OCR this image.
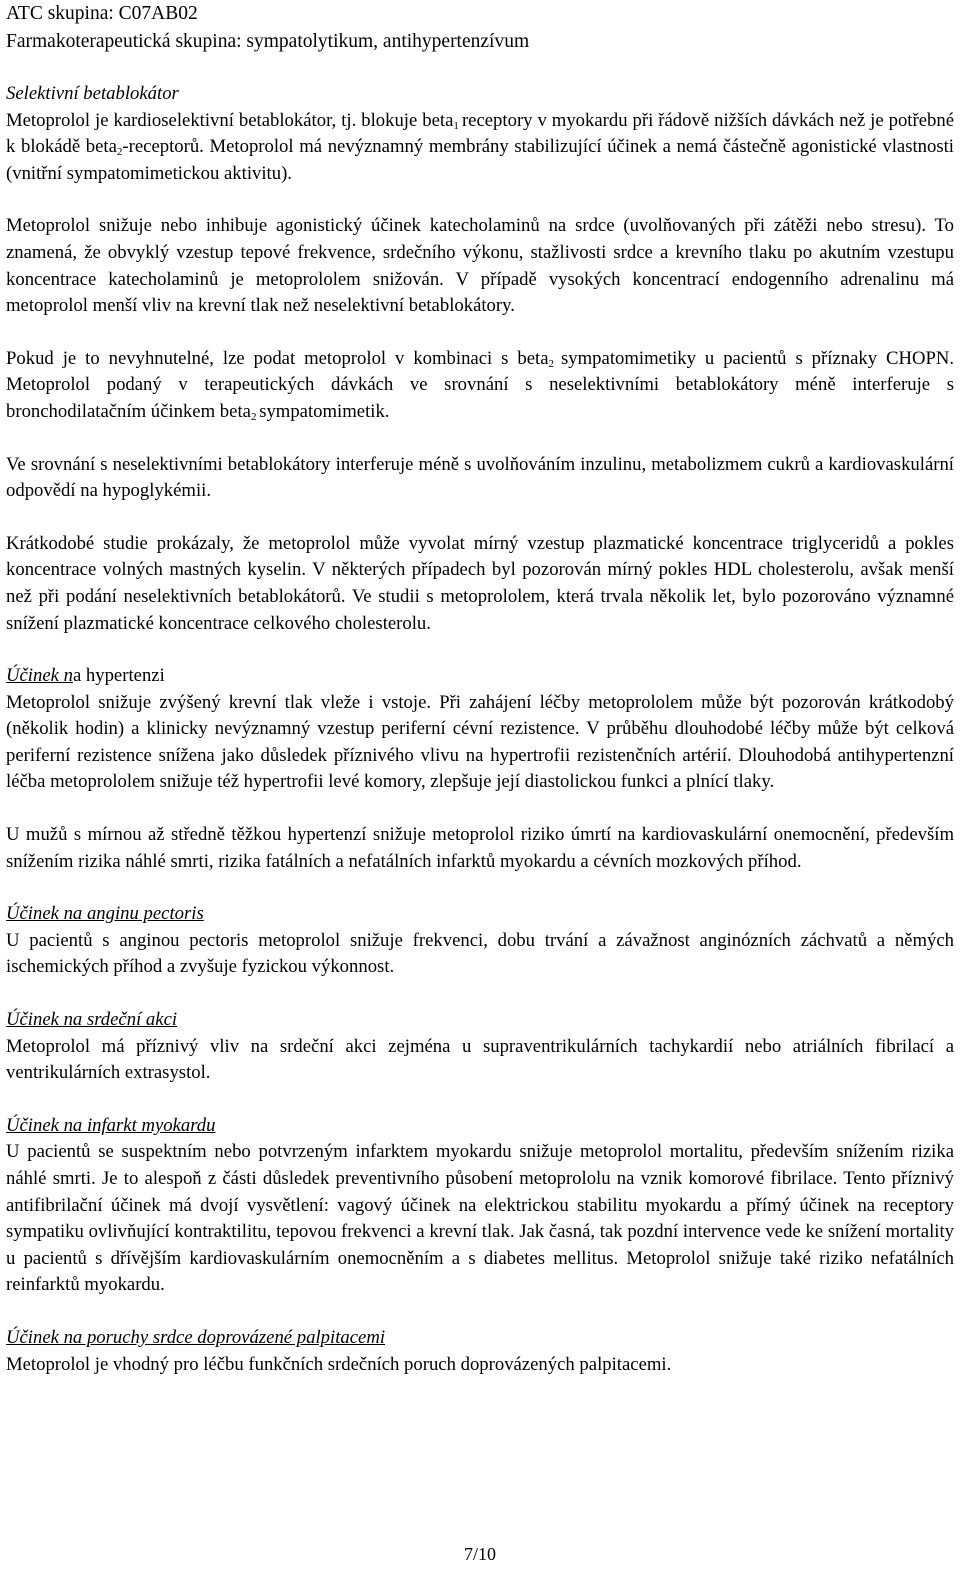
ATC skupina: C07AB02
Farmakoterapeutická skupina: sympatolytikum, antihypertenzívum
Selektivní betablokátor

Metoprolol je kardioselektivní betablokátor, tj. blokuje beta$_1$ receptory v myokardu při řádově nižších dávkách než je potřebné k blokádě beta$_2$-receptorů. Metoprolol má nevýznamný membrány stabilizující účinek a nemá částečně agonistické vlastnosti (vnitřní sympatomimetickou aktivitu).

Metoprolol snižuje nebo inhibuje agonistický účinek katecholaminů na srdce (uvolňovaných při zátěži nebo stresu). To znamená, že obvyklý vzestup tepové frekvence, srdečního výkonu, stažlivosti srdce a krevního tlaku po akutním vzestupu koncentrace katecholaminů je metoprololem snižován. V případě vysokých koncentrací endogenního adrenalinu má metoprolol menší vliv na krevní tlak než neselektivní betablokátory.

Pokud je to nevyhnutelné, lze podat metoprolol v kombinaci s beta$_2$ sympatomimetiky u pacientů s příznaky CHOPN. Metoprolol podaný v terapeutických dávkách ve srovnání s neselektivními betablokátory méně interferuje s bronchodilatačním účinkem beta$_2$ sympatomimetik.

Ve srovnání s neselektivními betablokátory interferuje méně s uvolňováním inzulinu, metabolizmem cukrů a kardiovaskulární odpovědí na hypoglykémii.

Krátkodobé studie prokázaly, že metoprolol může vyvolat mírný vzestup plazmatické koncentrace triglyceridů a pokles koncentrace volných mastných kyselin. V některých případech byl pozorován mírný pokles HDL cholesterolu, avšak menší než při podání neselektivních betablokátorů. Ve studii s metoprololem, která trvala několik let, bylo pozorováno významné snížení plazmatické koncentrace celkového cholesterolu.

Účinek na hypertenzi

Metoprolol snižuje zvýšený krevní tlak vleže i vstoje. Při zahájení léčby metoprololem může být pozorován krátkodobý (několik hodin) a klinicky nevýznamný vzestup periferní cévní rezistence. V průběhu dlouhodobé léčby může být celková periferní rezistence snížena jako důsledek příznivého vlivu na hypertrofii rezistenčních artérií. Dlouhodobá antihypertenzní léčba metoprololem snižuje též hypertrofii levé komory, zlepšuje její diastolickou funkci a plnící tlaky.

U mužů s mírnou až středně těžkou hypertenzí snižuje metoprolol riziko úmrtí na kardiovaskulární onemocnění, především snížením rizika náhlé smrti, rizika fatálních a nefatálních infarktů myokardu a cévních mozkových příhod.

Účinek na anginu pectoris

U pacientů s anginou pectoris metoprolol snižuje frekvenci, dobu trvání a závažnost anginózních záchvatů a němých ischemických příhod a zvyšuje fyzickou výkonnost.

Účinek na srdeční akci

Metoprolol má příznivý vliv na srdeční akci zejména u supraventrikulárních tachykardií nebo atriálních fibrilací a ventrikulárních extrasystol.

Účinek na infarkt myokardu

U pacientů se suspektním nebo potvrzeným infarktem myokardu snižuje metoprolol mortalitu, především snížením rizika náhlé smrti. Je to alespoň z části důsledek preventivního působení metoprololu na vznik komorové fibrilace. Tento příznivý antifibrilační účinek má dvojí vysvětlení: vagový účinek na elektrickou stabilitu myokardu a přímý účinek na receptory sympatiku ovlivňující kontraktilitu, tepovou frekvenci a krevní tlak. Jak časná, tak pozdní intervence vede ke snížení mortality u pacientů s dřívějším kardiovaskulárním onemocněním a s diabetes mellitus. Metoprolol snižuje také riziko nefatálních reinfarktů myokardu.

Účinek na poruchy srdce doprovázené palpitacemi

Metoprolol je vhodný pro léčbu funkčních srdečních poruch doprovázených palpitacemi.

7/10
